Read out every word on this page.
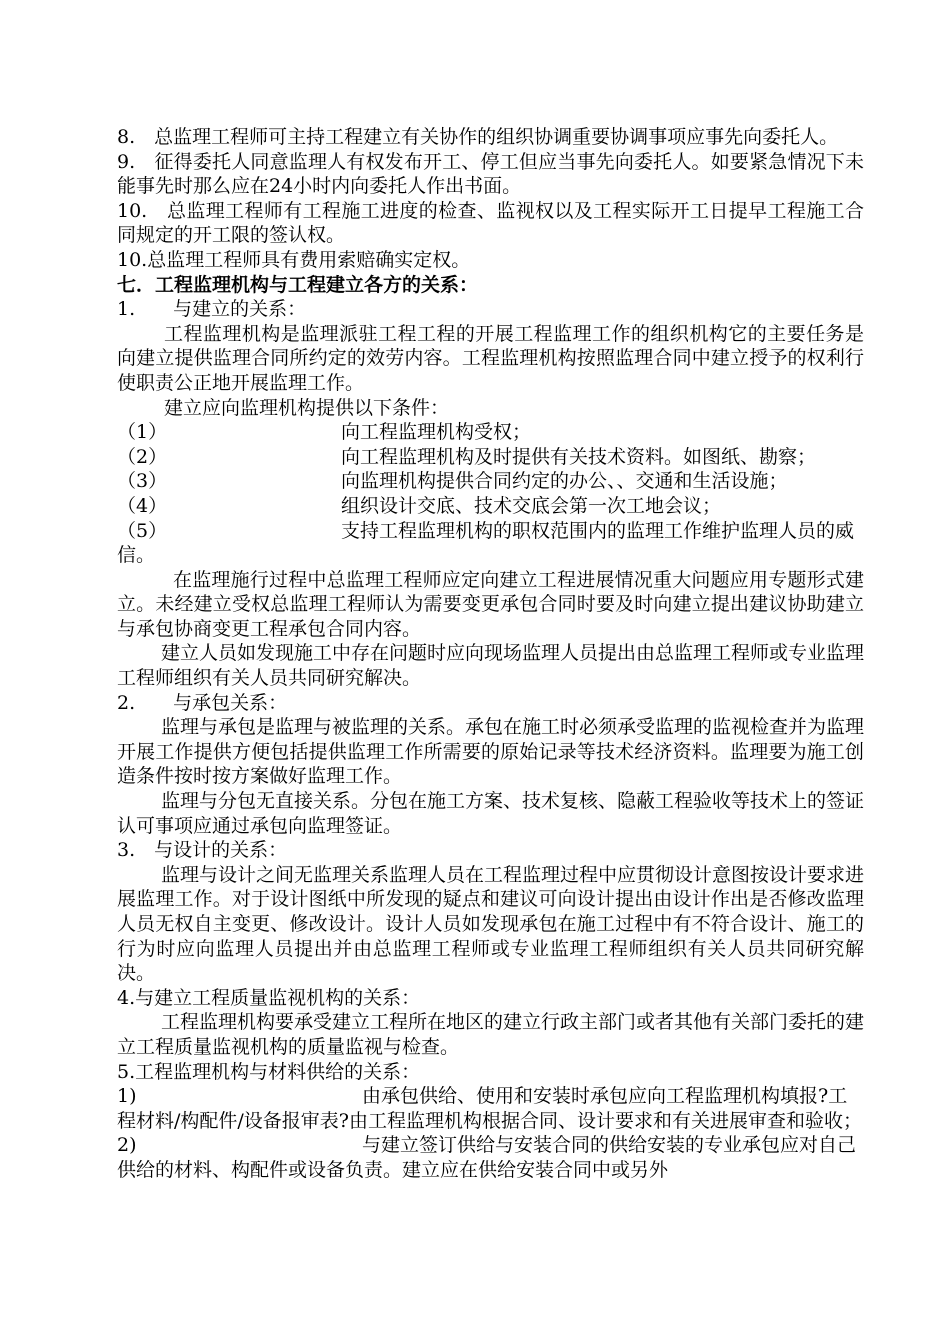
8.　总监理工程师可主持工程建立有关协作的组织协调重要协调事项应事先向委托人。

9.　征得委托人同意监理人有权发布开工、停工但应当事先向委托人。如要紧急情况下未能事先时那么应在24小时内向委托人作出书面。

10.　总监理工程师有工程施工进度的检查、监视权以及工程实际开工日提早工程施工合同规定的开工限的签认权。

10.总监理工程师具有费用索赔确实定权。

七．工程监理机构与工程建立各方的关系：

1.　　与建立的关系：

工程监理机构是监理派驻工程工程的开展工程监理工作的组织机构它的主要任务是向建立提供监理合同所约定的效劳内容。工程监理机构按照监理合同中建立授予的权利行使职责公正地开展监理工作。

建立应向监理机构提供以下条件：

（1）	向工程监理机构受权；
（2）	向工程监理机构及时提供有关技术资料。如图纸、勘察；
（3）	向监理机构提供合同约定的办公、、交通和生活设施；
（4）	组织设计交底、技术交底会第一次工地会议；
（5）	支持工程监理机构的职权范围内的监理工作维护监理人员的威信。

在监理施行过程中总监理工程师应定向建立工程进展情况重大问题应用专题形式建立。未经建立受权总监理工程师认为需要变更承包合同时要及时向建立提出建议协助建立与承包协商变更工程承包合同内容。

建立人员如发现施工中存在问题时应向现场监理人员提出由总监理工程师或专业监理工程师组织有关人员共同研究解决。

2.　　与承包关系：

监理与承包是监理与被监理的关系。承包在施工时必须承受监理的监视检查并为监理开展工作提供方便包括提供监理工作所需要的原始记录等技术经济资料。监理要为施工创造条件按时按方案做好监理工作。

监理与分包无直接关系。分包在施工方案、技术复核、隐蔽工程验收等技术上的签证认可事项应通过承包向监理签证。

3.　与设计的关系：

监理与设计之间无监理关系监理人员在工程监理过程中应贯彻设计意图按设计要求进展监理工作。对于设计图纸中所发现的疑点和建议可向设计提出由设计作出是否修改监理人员无权自主变更、修改设计。设计人员如发现承包在施工过程中有不符合设计、施工的行为时应向监理人员提出并由总监理工程师或专业监理工程师组织有关人员共同研究解决。

4.与建立工程质量监视机构的关系：

工程监理机构要承受建立工程所在地区的建立行政主部门或者其他有关部门委托的建立工程质量监视机构的质量监视与检查。

5.工程监理机构与材料供给的关系：

1)	由承包供给、使用和安装时承包应向工程监理机构填报?工程材料/构配件/设备报审表?由工程监理机构根据合同、设计要求和有关进展审查和验收；
2)	与建立签订供给与安装合同的供给安装的专业承包应对自己供给的材料、构配件或设备负责。建立应在供给安装合同中或另外
